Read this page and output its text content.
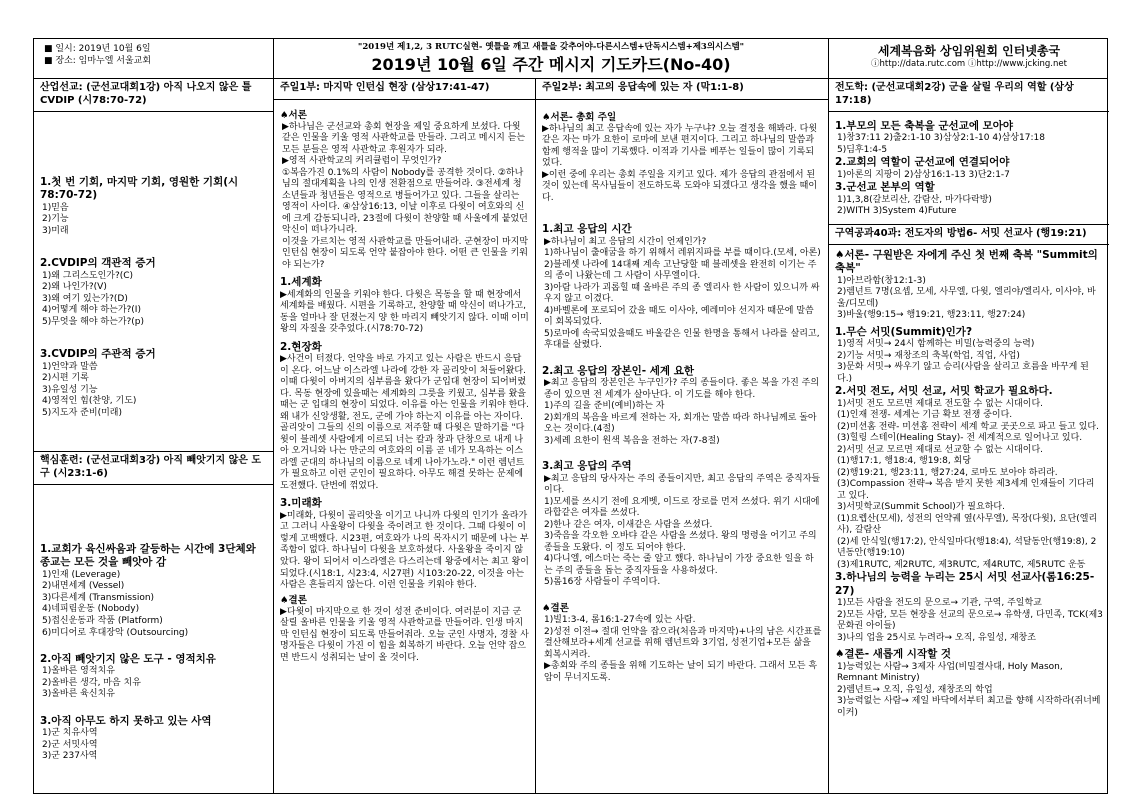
■ 일시: 2019년 10월 6일
■ 장소: 임마누엘 서울교회
"2019년 제1,2, 3 RUTC실현- 옛틀을 깨고 새틀을 갖추어야-다른시스템+단독시스템+제3의시스템"
2019년 10월 6일 주간 메시지 기도카드(No-40)
세계복음화 상임위원회 인터넷총국
ⓘhttp://data.rutc.com ⓘhttp://www.jcking.net
산업선교: (군선교대회1강) 아직 나오지 않은 틀 CVDIP (시78:70-72)
1.첫 번 기회, 마지막 기회, 영원한 기회(시78:70-72)
1)믿음
2)기능
3)미래
2.CVDIP의 객관적 증거
1)왜 그리스도인가?(C)
2)왜 나인가?(V)
3)왜 여기 있는가?(D)
4)어떻게 해야 하는가?(I)
5)무엇을 해야 하는가?(p)
3.CVDIP의 주관적 증거
1)언약과 말씀
2)시편 기록
3)유일성 기능
4)영적인 힘(찬양, 기도)
5)지도자 준비(미래)
핵심훈련: (군선교대회3강) 아직 빼앗기지 않은 도구 (시23:1-6)
1.교회가 육신싸움과 갈등하는 시간에 3단체와 종교는 모든 것을 빼앗아 감
1)인재 (Leverage)
2)내면세계 (Vessel)
3)다른세계 (Transmission)
4)네피림운동 (Nobody)
5)접신운동과 작품 (Platform)
6)미디어로 후대장악 (Outsourcing)
2.아직 빼앗기지 않은 도구 - 영적치유
1)올바른 영적치유
2)올바른 생각, 마음 치유
3)올바른 육신치유
3.아직 아무도 하지 못하고 있는 사역
1)군 치유사역
2)군 서밋사역
3)군 237사역
주일1부: 마지막 인턴십 현장 (삼상17:41-47)
♠서론
▶하나님은 군선교와 총회 현장을 제일 중요하게 보셨다. 다윗같은 인물을 키울 영적 사관학교를 만들라. 그리고 메시지 듣는 모든 분들은 영적 사관학교 후원자가 되라.
▶영적 사관학교의 커리큘럼이 무엇인가?
①복음가진 0.1%의 사람이 Nobody를 공격한 것이다. ②하나님의 절대계획을 나의 인생 전환점으로 만들어라. ③전세계 청소년들과 청년들은 영적으로 병들어가고 있다. 그들을 살리는 영적이 사이다. ④삼상16:13, 이날 이후로 다윗이 여호와의 신에 크게 감동되니라, 23절에 다윗이 찬양할 때 사울에게 붙었던 악신이 떠나가니라.
이것을 가르치는 영적 사관학교를 만들어내라. 군현장이 마지막 인턴십 현장이 되도록 언약 붙잡아야 한다. 어떤 큰 인물을 키워야 되는가?
1.세계화
▶세계화의 인물을 키워야 한다. 다윗은 목동을 할 때 현장에서 세계화를 배웠다. 시편을 기록하고, 찬양할 때 악신이 떠나가고, 동을 얼마나 잘 던졌는지 양 한 마리지 빼앗기지 않다. 이때 이미 왕의 자질을 갖추었다.(시78:70-72)
2.현장화
▶사건이 터졌다. 언약을 바로 가지고 있는 사람은 반드시 응답이 온다. 어느날 이스라엘 나라에 강한 자 골리앗이 처들어왔다. 이때 다윗이 아버지의 심부름을 왔다가 군입대 현장이 되어버렸다. 목동 현장에 있을때는 세계화의 그릇을 키웠고, 심부름 왔을때는 군 입대의 현장이 되었다. 이유를 아는 인물을 키워야 한다. 왜 내가 신앙생활, 전도, 군에 가야 하는지 이유를 아는 자이다. 골리앗이 그들의 신의 이름으로 저주할 때 다윗은 말하기를 "다윗이 블레셋 사람에게 이르되 너는 칼과 창과 단창으로 내게 나아 오거니와 나는 만군의 여호와의 이름 곧 네가 모욕하는 이스라엘 군대의 하나님의 이름으로 네게 나아가노라." 이런 렘넌트가 필요하고 이런 군인이 필요하다. 아무도 해결 못하는 문제에 도전했다. 단번에 꺾었다.
3.미래화
▶미래화, 다윗이 골리앗을 이기고 나니까 다윗의 인기가 올라가고 그러니 사울왕이 다윗을 죽이려고 한 것이다. 그때 다윗이 이렇게 고백했다. 시23편, 여호와가 나의 목자시기 때문에 나는 부족함이 없다. 하나님이 다윗을 보호하셨다. 사울왕을 죽이지 않았다. 왕이 되어서 이스라엘은 다스리는데 왕중에서는 최고 왕이 되었다.(시18:1, 시23:4, 시27편) 시103:20-22, 이것을 아는 사람은 흔들리지 않는다. 이런 인물을 키워야 한다.
♠결론
▶다윗이 마지막으로 한 것이 성전 준비이다. 여러분이 지금 군 살릴 올바른 인물을 키울 영적 사관학교를 만들어라. 인생 마지막 인턴십 현장이 되도록 만들어줘라. 오늘 군인 사명자, 경찰 사명자들은 다윗이 가진 이 힘을 회복하기 바란다. 오늘 언약 잡으면 반드시 성취되는 날이 올 것이다.
주일2부: 최고의 응답속에 있는 자 (막1:1-8)
♠서론- 총회 주일
▶하나님의 최고 응답속에 있는 자가 누구냐? 오늘 결정을 해봐라. 다윗같은 자는 마가 요한이 로마에 보낸 편지이다. 그리고 하나님의 말씀과 함께 행적을 많이 기록했다. 이적과 기사를 베푸는 일들이 많이 기록되었다.
▶이런 중에 우리는 총회 주일을 지키고 있다. 제가 응답의 관점에서 된 것이 있는데 목사님들이 전도하도록 도와야 되겠다고 생각을 했을 때이다.
1.최고 응답의 시간
▶하나님이 최고 응답의 시간이 언제인가?
1)하나님이 출애굽을 하기 위해서 레위지파를 부를 때이다.(모세, 아론)
2)블레셋 나라에 14대째 계속 고난당할 때 블레셋을 완전히 이기는 주의 종이 나왔는데 그 사람이 사무엘이다.
3)아람 나라가 괴롭힐 때 올바른 주의 종 엘리사 한 사람이 있으니까 싸우지 않고 이겼다.
4)바벨론에 포로되어 갔을 때도 이사야, 예레미야 선지자 때문에 말씀이 회복되었다.
5)로마에 속국되었을때도 바울같은 인물 한명을 통해서 나라를 살리고, 후대를 살렸다.
2.최고 응답의 장본인- 세계 요한
▶최고 응답의 장본인은 누구인가? 주의 종들이다. 좋은 복을 가진 주의 종이 있으면 전 세계가 살아난다. 이 기도를 해야 한다.
1)주의 길을 준비(예비)하는 자
2)회개의 복음을 바르게 전하는 자, 회개는 말씀 따라 하나님께로 돌아오는 것이다.(4절)
3)세례 요한이 원색 복음을 전하는 자(7-8절)
3.최고 응답의 주역
▶최고 응답의 당사자는 주의 종들이지만, 최고 응답의 주역은 중직자들이다.
1)모세를 쓰시기 전에 요게벳, 이드로 장로를 먼저 쓰셨다. 위기 시대에 라합같은 여자를 쓰셨다.
2)한나 같은 여자, 이새같은 사람을 쓰셨다.
3)죽음을 각오한 오바댜 같은 사람을 쓰셨다. 왕의 명령을 어기고 주의 종들을 도왔다. 이 정도 되어야 한다.
4)다니엘, 에스더는 죽는 줄 알고 했다. 하나님이 가장 중요한 일을 하는 주의 종들을 돕는 중직자들을 사용하셨다.
5)롬16장 사람들이 주역이다.
♠결론
1)빌1:3-4, 롬16:1-27속에 있는 사람.
2)성전 이전→ 절대 언약을 잡으라(처음과 마지막)+나의 남은 시간표를 결산해보라+세계 선교를 위해 렘넌트와 3기업, 성전기업+모든 삶을 회복시켜라.
▶총회와 주의 종들을 위해 기도하는 날이 되기 바란다. 그래서 모든 흑암이 무너지도록.
전도학: (군선교대회2강) 군을 살릴 우리의 역할 (삼상17:18)
1.부모의 모든 축복을 군선교에 모아야
1)창37:11 2)출2:1-10 3)삼상2:1-10 4)삼상17:18
5)딤후1:4-5
2.교회의 역할이 군선교에 연결되어야
1)아론의 지팡이 2)삼상16:1-13 3)단2:1-7
3.군선교 본부의 역할
1)1,3,8(갈보리산, 감람산, 마가다락방)
2)WITH 3)System 4)Future
구역공과40과: 전도자의 방법6- 서밋 선교사 (행19:21)
♠서론- 구원받은 자에게 주신 첫 번째 축복 "Summit의 축복"
1)아브라함(창12:1-3)
2)렘넌트 7명(요셉, 모세, 사무엘, 다윗, 엘리야/엘리사, 이사야, 바울/디모데)
3)바울(행9:15→ 행19:21, 행23:11, 행27:24)
1.무슨 서밋(Summit)인가?
1)영적 서밋→ 24시 함께하는 비밀(능력중의 능력)
2)기능 서밋→ 재창조의 축복(학업, 직업, 사업)
3)문화 서밋→ 싸우기 않고 승리(사람을 살리고 흐름을 바꾸게 된다.)
2.서밋 전도, 서밋 선교, 서밋 학교가 필요하다.
1)서밋 전도 모르면 제대로 전도할 수 없는 시대이다.
(1)인재 전쟁- 세계는 기금 확보 전쟁 중이다.
(2)미션홈 전략- 미션홈 전략이 세계 학교 곳곳으로 파고 들고 있다.
(3)힐링 스테이(Healing Stay)- 전 세계적으로 일어나고 있다.
2)서밋 선교 모르면 제대로 선교할 수 없는 시대이다.
(1)행17:1, 행18:4, 행19:8, 회당
(2)행19:21, 행23:11, 행27:24, 로마도 보아야 하리라.
(3)Compassion 전략→ 복음 받지 못한 제3세계 인재들이 기다리고 있다.
3)서밋학교(Summit School)가 필요하다.
(1)요렙산(모세), 성전의 언약궤 옆(사무엘), 목장(다윗), 요단(엘리사), 갈람산
(2)세 안식일(행17:2), 안식일마다(행18:4), 석달동안(행19:8), 2년동안(행19:10)
(3)제1RUTC, 제2RUTC, 제3RUTC, 제4RUTC, 제5RUTC 운동
3.하나님의 능력을 누리는 25시 서밋 선교사(롬16:25-27)
1)모든 사람을 전도의 문으로→ 기관, 구역, 주일학교
2)모든 사람, 모든 현장을 선교의 문으로→ 유학생, 다민족, TCK(제3문화권 아이들)
3)나의 업을 25시로 누려라→ 오직, 유일성, 재창조
♠결론- 새롭게 시작할 것
1)능력있는 사람→ 3제자 사업(비밀결사대, Holy Mason, Remnant Ministry)
2)렘넌트→ 오직, 유일성, 재창조의 학업
3)능력없는 사람→ 제일 바닥에서부터 최고를 향해 시작하라(쥐너베이커)
